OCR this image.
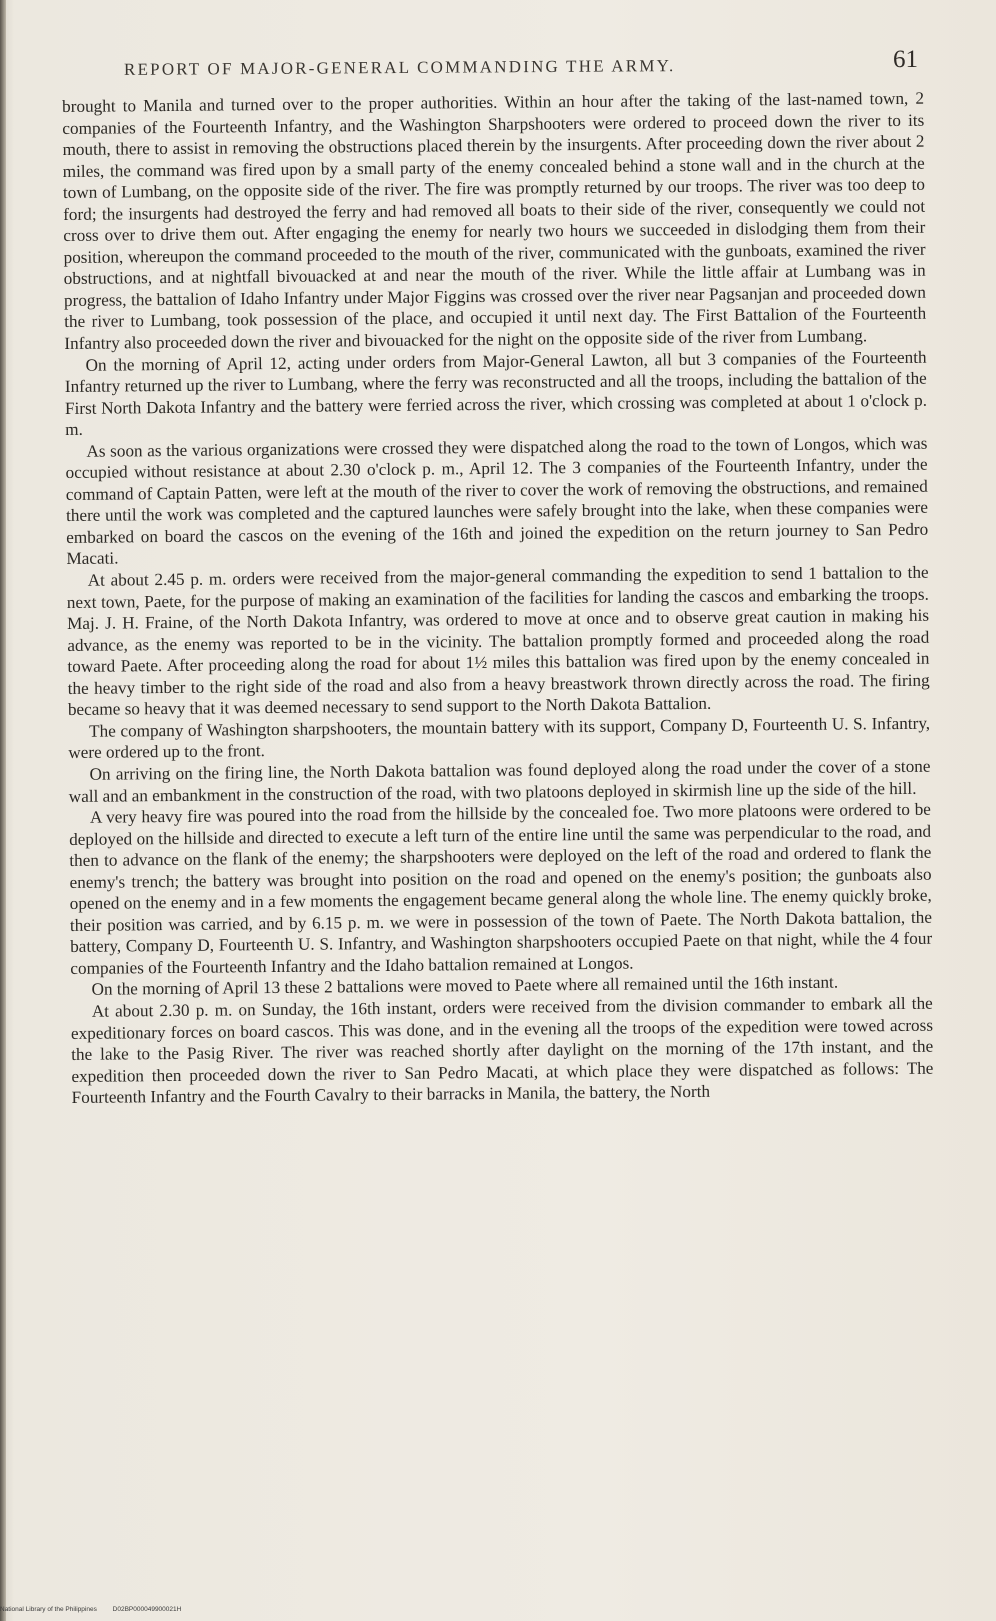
REPORT OF MAJOR-GENERAL COMMANDING THE ARMY.	61

brought to Manila and turned over to the proper authorities. Within an hour after the taking of the last-named town, 2 companies of the Fourteenth Infantry, and the Washington Sharpshooters were ordered to proceed down the river to its mouth, there to assist in removing the obstructions placed therein by the insurgents. After proceeding down the river about 2 miles, the command was fired upon by a small party of the enemy concealed behind a stone wall and in the church at the town of Lumbang, on the opposite side of the river. The fire was promptly returned by our troops. The river was too deep to ford; the insurgents had destroyed the ferry and had removed all boats to their side of the river, consequently we could not cross over to drive them out. After engaging the enemy for nearly two hours we succeeded in dislodging them from their position, whereupon the command proceeded to the mouth of the river, communicated with the gunboats, examined the river obstructions, and at nightfall bivouacked at and near the mouth of the river. While the little affair at Lumbang was in progress, the battalion of Idaho Infantry under Major Figgins was crossed over the river near Pagsanjan and proceeded down the river to Lumbang, took possession of the place, and occupied it until next day. The First Battalion of the Fourteenth Infantry also proceeded down the river and bivouacked for the night on the opposite side of the river from Lumbang.

On the morning of April 12, acting under orders from Major-General Lawton, all but 3 companies of the Fourteenth Infantry returned up the river to Lumbang, where the ferry was reconstructed and all the troops, including the battalion of the First North Dakota Infantry and the battery were ferried across the river, which crossing was completed at about 1 o'clock p. m.

As soon as the various organizations were crossed they were dispatched along the road to the town of Longos, which was occupied without resistance at about 2.30 o'clock p. m., April 12. The 3 companies of the Fourteenth Infantry, under the command of Captain Patten, were left at the mouth of the river to cover the work of removing the obstructions, and remained there until the work was completed and the captured launches were safely brought into the lake, when these companies were embarked on board the cascos on the evening of the 16th and joined the expedition on the return journey to San Pedro Macati.

At about 2.45 p. m. orders were received from the major-general commanding the expedition to send 1 battalion to the next town, Paete, for the purpose of making an examination of the facilities for landing the cascos and embarking the troops. Maj. J. H. Fraine, of the North Dakota Infantry, was ordered to move at once and to observe great caution in making his advance, as the enemy was reported to be in the vicinity. The battalion promptly formed and proceeded along the road toward Paete. After proceeding along the road for about 1½ miles this battalion was fired upon by the enemy concealed in the heavy timber to the right side of the road and also from a heavy breastwork thrown directly across the road. The firing became so heavy that it was deemed necessary to send support to the North Dakota Battalion.

The company of Washington sharpshooters, the mountain battery with its support, Company D, Fourteenth U. S. Infantry, were ordered up to the front.

On arriving on the firing line, the North Dakota battalion was found deployed along the road under the cover of a stone wall and an embankment in the construction of the road, with two platoons deployed in skirmish line up the side of the hill.

A very heavy fire was poured into the road from the hillside by the concealed foe. Two more platoons were ordered to be deployed on the hillside and directed to execute a left turn of the entire line until the same was perpendicular to the road, and then to advance on the flank of the enemy; the sharpshooters were deployed on the left of the road and ordered to flank the enemy's trench; the battery was brought into position on the road and opened on the enemy's position; the gunboats also opened on the enemy and in a few moments the engagement became general along the whole line. The enemy quickly broke, their position was carried, and by 6.15 p. m. we were in possession of the town of Paete. The North Dakota battalion, the battery, Company D, Fourteenth U. S. Infantry, and Washington sharpshooters occupied Paete on that night, while the 4 four companies of the Fourteenth Infantry and the Idaho battalion remained at Longos.

On the morning of April 13 these 2 battalions were moved to Paete where all remained until the 16th instant.

At about 2.30 p. m. on Sunday, the 16th instant, orders were received from the division commander to embark all the expeditionary forces on board cascos. This was done, and in the evening all the troops of the expedition were towed across the lake to the Pasig River. The river was reached shortly after daylight on the morning of the 17th instant, and the expedition then proceeded down the river to San Pedro Macati, at which place they were dispatched as follows: The Fourteenth Infantry and the Fourth Cavalry to their barracks in Manila, the battery, the North

National Library of the Philippines D02BP000049900021H
